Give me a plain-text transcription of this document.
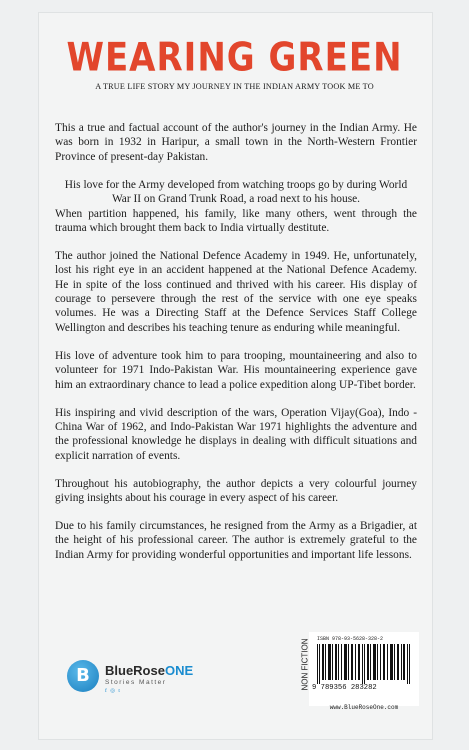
WEARING GREEN
A TRUE LIFE STORY MY JOURNEY IN THE INDIAN ARMY TOOK ME TO

This a true and factual account of the author's journey in the Indian Army. He was born in 1932 in Haripur, a small town in the North-Western Frontier Province of present-day Pakistan.

His love for the Army developed from watching troops go by during World War II on Grand Trunk Road, a road next to his house.

When partition happened, his family, like many others, went through the trauma which brought them back to India virtually destitute.

The author joined the National Defence Academy in 1949. He, unfortunately, lost his right eye in an accident happened at the National Defence Academy. He in spite of the loss continued and thrived with his career. His display of courage to persevere through the rest of the service with one eye speaks volumes. He was a Directing Staff at the Defence Services Staff College Wellington and describes his teaching tenure as enduring while meaningful.

His love of adventure took him to para trooping, mountaineering and also to volunteer for 1971 Indo-Pakistan War. His mountaineering experience gave him an extraordinary chance to lead a police expedition along UP-Tibet border.

His inspiring and vivid description of the wars, Operation Vijay(Goa), Indo -China War of 1962, and Indo-Pakistan War 1971 highlights the adventure and the professional knowledge he displays in dealing with difficult situations and explicit narration of events.

Throughout his autobiography, the author depicts a very colourful journey giving insights about his courage in every aspect of his career.

Due to his family circumstances, he resigned from the Army as a Brigadier, at the height of his professional career. The author is extremely grateful to the Indian Army for providing wonderful opportunities and important life lessons.

B	BlueRoseONE
Stories Matter
f ◎ t
NON FICTION ISBN 978-93-5628-328-2
9 789356 283282
www.BlueRoseOne.com
